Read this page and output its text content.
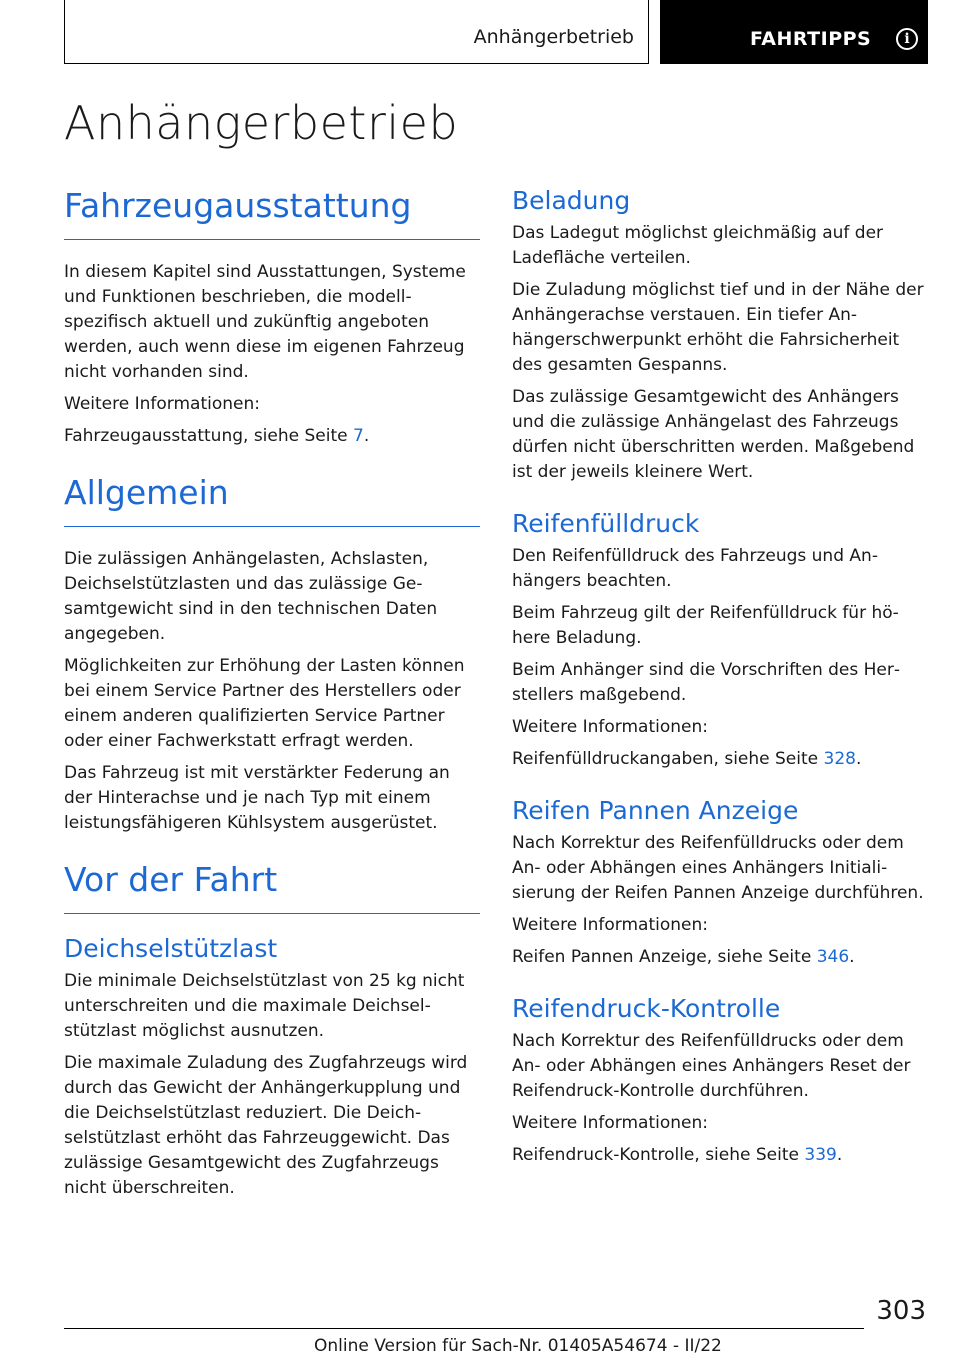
Anhängerbetrieb	FAHRTIPPS	i
Anhängerbetrieb
Fahrzeugausstattung

In diesem Kapitel sind Ausstattungen, Systeme und Funktionen beschrieben, die modellspezifisch aktuell und zukünftig angeboten werden, auch wenn diese im eigenen Fahrzeug nicht vorhanden sind.

Weitere Informationen:

Fahrzeugausstattung, siehe Seite 7.

Allgemein

Die zulässigen Anhängelasten, Achslasten, Deichselstützlasten und das zulässige Gesamtgewicht sind in den technischen Daten angegeben.

Möglichkeiten zur Erhöhung der Lasten können bei einem Service Partner des Herstellers oder einem anderen qualifizierten Service Partner oder einer Fachwerkstatt erfragt werden.

Das Fahrzeug ist mit verstärkter Federung an der Hinterachse und je nach Typ mit einem leistungsfähigeren Kühlsystem ausgerüstet.

Vor der Fahrt
Deichselstützlast

Die minimale Deichselstützlast von 25 kg nicht unterschreiten und die maximale Deichselstützlast möglichst ausnutzen.

Die maximale Zuladung des Zugfahrzeugs wird durch das Gewicht der Anhängerkupplung und die Deichselstützlast reduziert. Die Deichselstützlast erhöht das Fahrzeuggewicht. Das zulässige Gesamtgewicht des Zugfahrzeugs nicht überschreiten.

Beladung

Das Ladegut möglichst gleichmäßig auf der Ladefläche verteilen.

Die Zuladung möglichst tief und in der Nähe der Anhängerachse verstauen. Ein tiefer Anhängerschwerpunkt erhöht die Fahrsicherheit des gesamten Gespanns.

Das zulässige Gesamtgewicht des Anhängers und die zulässige Anhängelast des Fahrzeugs dürfen nicht überschritten werden. Maßgebend ist der jeweils kleinere Wert.

Reifenfülldruck

Den Reifenfülldruck des Fahrzeugs und Anhängers beachten.

Beim Fahrzeug gilt der Reifenfülldruck für höhere Beladung.

Beim Anhänger sind die Vorschriften des Herstellers maßgebend.

Weitere Informationen:

Reifenfülldruckangaben, siehe Seite 328.

Reifen Pannen Anzeige

Nach Korrektur des Reifenfülldrucks oder dem An- oder Abhängen eines Anhängers Initialisierung der Reifen Pannen Anzeige durchführen.

Weitere Informationen:

Reifen Pannen Anzeige, siehe Seite 346.

Reifendruck-Kontrolle

Nach Korrektur des Reifenfülldrucks oder dem An- oder Abhängen eines Anhängers Reset der Reifendruck-Kontrolle durchführen.

Weitere Informationen:

Reifendruck-Kontrolle, siehe Seite 339.

303
Online Version für Sach-Nr. 01405A54674 - II/22
